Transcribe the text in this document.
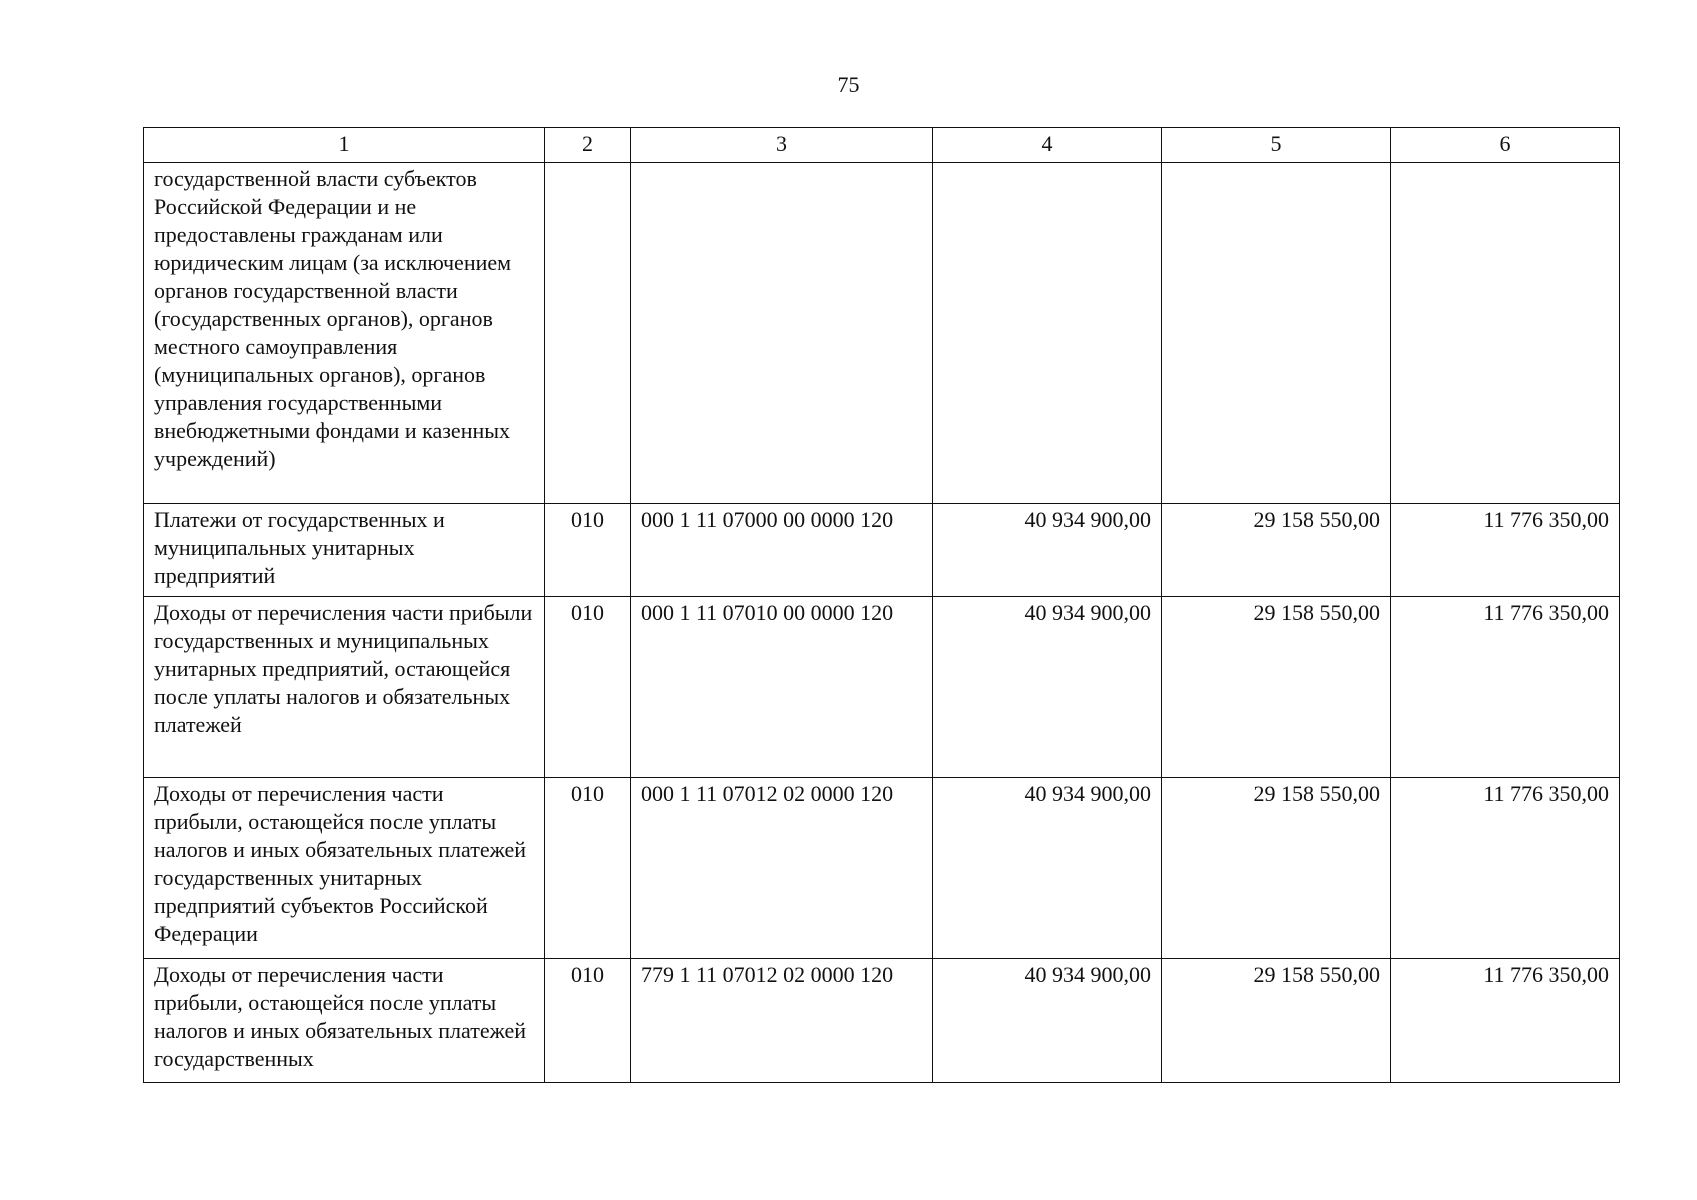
75
1	2	3	4	5	6
государственной власти субъектов Российской Федерации и не предоставлены гражданам или юридическим лицам (за исключением органов государственной власти (государственных органов), органов местного самоуправления (муниципальных органов), органов управления государственными внебюджетными фондами и казенных учреждений)					
Платежи от государственных и муниципальных унитарных предприятий	010	000 1 11 07000 00 0000 120	40 934 900,00	29 158 550,00	11 776 350,00
Доходы от перечисления части прибыли государственных и муниципальных унитарных предприятий, остающейся после уплаты налогов и обязательных платежей	010	000 1 11 07010 00 0000 120	40 934 900,00	29 158 550,00	11 776 350,00
Доходы от перечисления части прибыли, остающейся после уплаты налогов и иных обязательных платежей государственных унитарных предприятий субъектов Российской Федерации	010	000 1 11 07012 02 0000 120	40 934 900,00	29 158 550,00	11 776 350,00
Доходы от перечисления части прибыли, остающейся после уплаты налогов и иных обязательных платежей государственных	010	779 1 11 07012 02 0000 120	40 934 900,00	29 158 550,00	11 776 350,00
